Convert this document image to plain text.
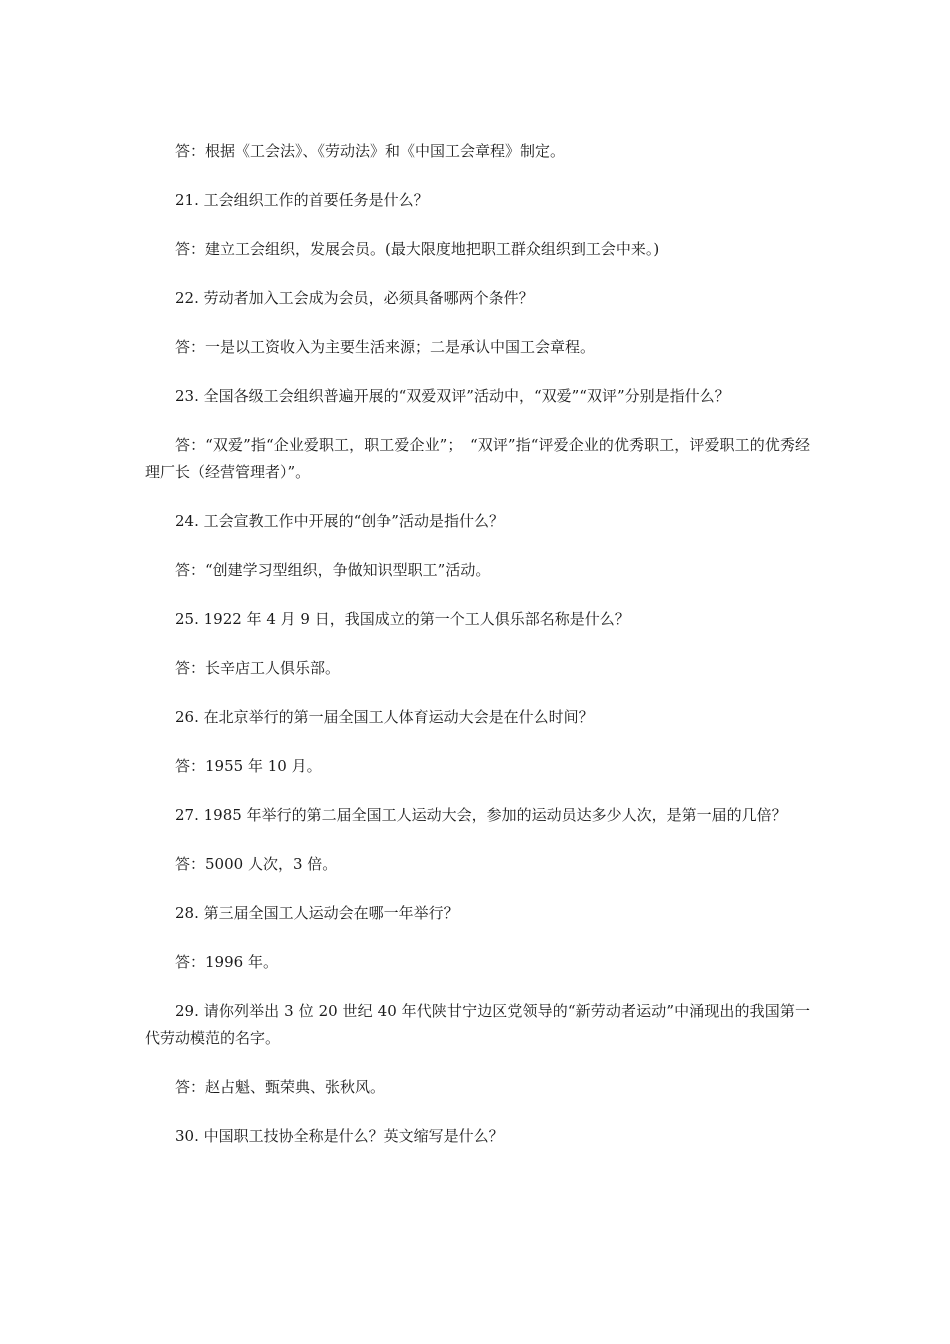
答：根据《工会法》、《劳动法》和《中国工会章程》制定。

21. 工会组织工作的首要任务是什么？

答：建立工会组织，发展会员。(最大限度地把职工群众组织到工会中来。)

22. 劳动者加入工会成为会员，必须具备哪两个条件？

答：一是以工资收入为主要生活来源；二是承认中国工会章程。

23. 全国各级工会组织普遍开展的“双爱双评”活动中，“双爱”“双评”分别是指什么？

答：“双爱”指“企业爱职工，职工爱企业”；　“双评”指“评爱企业的优秀职工，评爱职工的优秀经理厂长（经营管理者）”。

24. 工会宣教工作中开展的“创争”活动是指什么？

答：“创建学习型组织，争做知识型职工”活动。

25. 1922 年 4 月 9 日，我国成立的第一个工人俱乐部名称是什么？

答：长辛店工人俱乐部。

26. 在北京举行的第一届全国工人体育运动大会是在什么时间？

答：1955 年 10 月。

27. 1985 年举行的第二届全国工人运动大会，参加的运动员达多少人次，是第一届的几倍？

答：5000 人次，3 倍。

28. 第三届全国工人运动会在哪一年举行？

答：1996 年。

29. 请你列举出 3 位 20 世纪 40 年代陕甘宁边区党领导的“新劳动者运动”中涌现出的我国第一代劳动模范的名字。

答：赵占魁、甄荣典、张秋风。

30. 中国职工技协全称是什么？英文缩写是什么？
